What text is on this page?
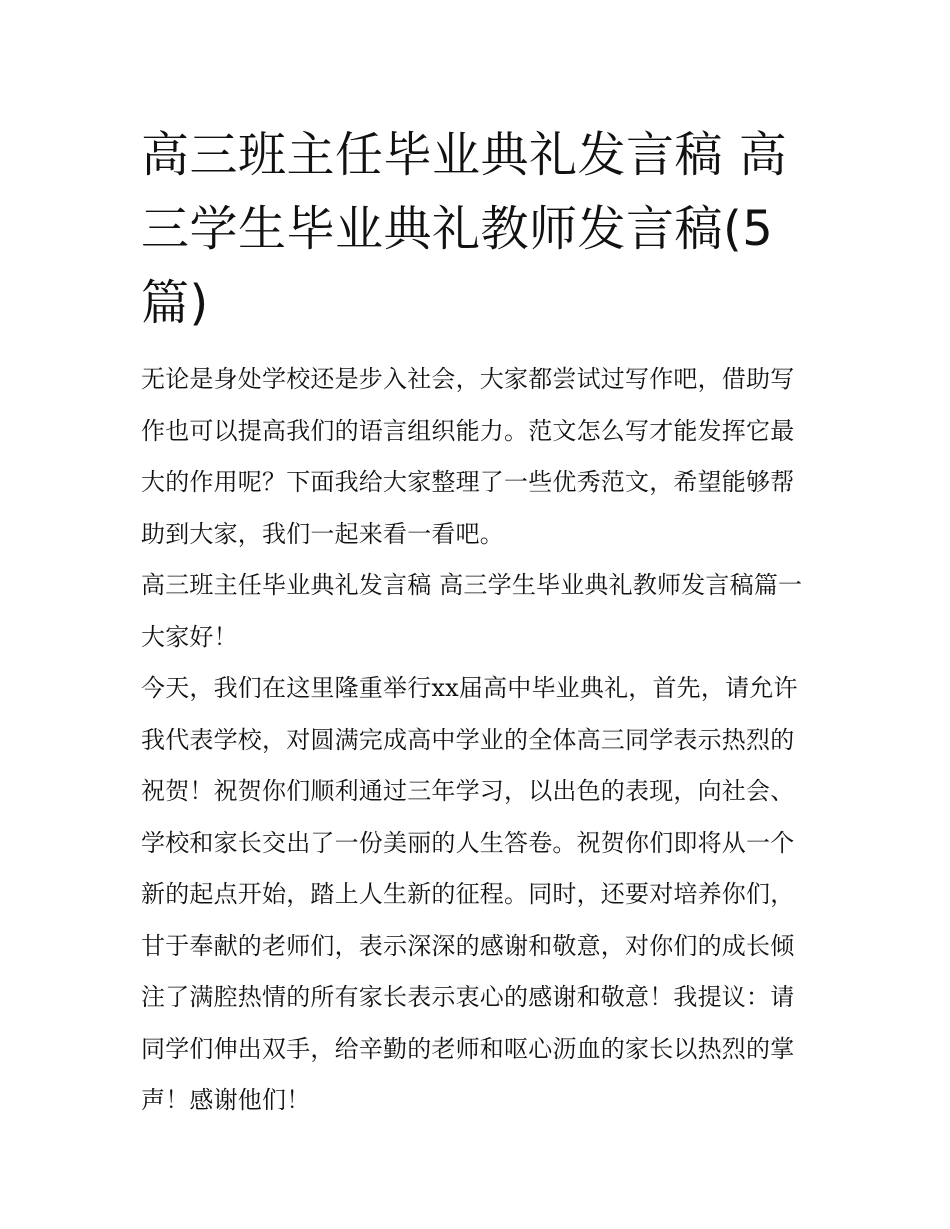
高三班主任毕业典礼发言稿 高三学生毕业典礼教师发言稿(5篇)

无论是身处学校还是步入社会，大家都尝试过写作吧，借助写作也可以提高我们的语言组织能力。范文怎么写才能发挥它最大的作用呢？下面我给大家整理了一些优秀范文，希望能够帮助到大家，我们一起来看一看吧。

高三班主任毕业典礼发言稿 高三学生毕业典礼教师发言稿篇一 大家好！

今天，我们在这里隆重举行xx届高中毕业典礼，首先，请允许我代表学校，对圆满完成高中学业的全体高三同学表示热烈的祝贺！祝贺你们顺利通过三年学习，以出色的表现，向社会、学校和家长交出了一份美丽的人生答卷。祝贺你们即将从一个新的起点开始，踏上人生新的征程。同时，还要对培养你们，甘于奉献的老师们，表示深深的感谢和敬意，对你们的成长倾注了满腔热情的所有家长表示衷心的感谢和敬意！我提议：请同学们伸出双手，给辛勤的老师和呕心沥血的家长以热烈的掌声！感谢他们！
